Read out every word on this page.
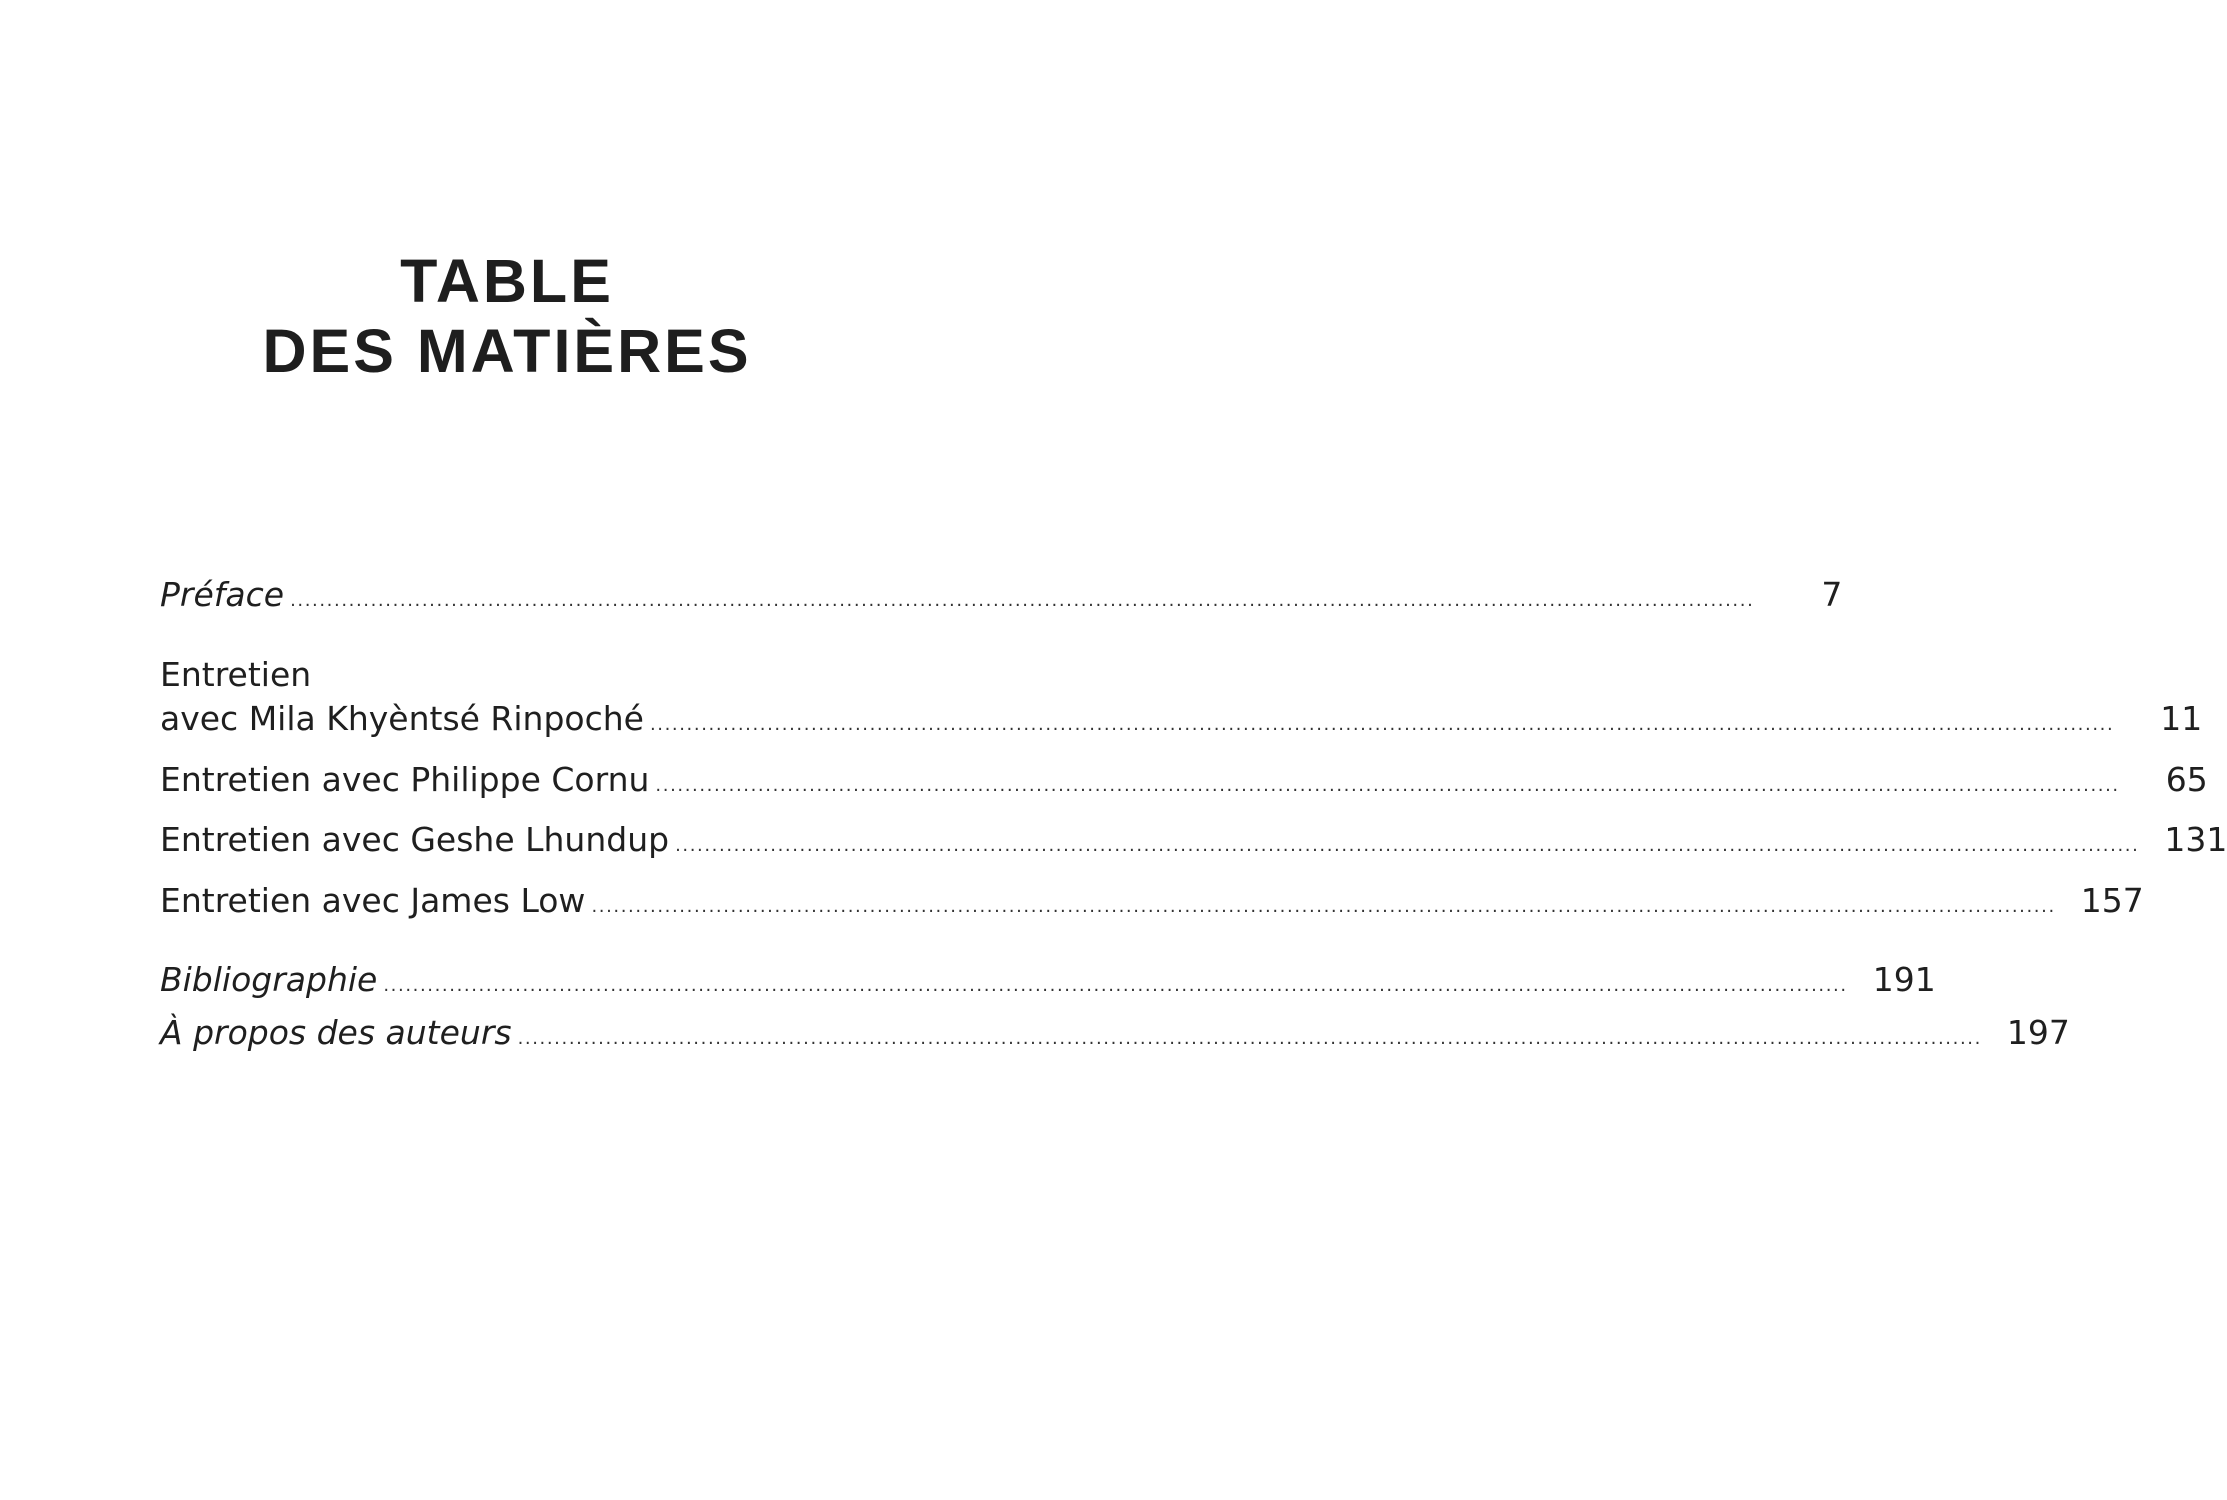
TABLE
DES MATIÈRES
Préface ........................................................................................................................................................................................................	7
Entretien
avec Mila Khyèntsé Rinpoché ........................................................................................................................................................................................................	11
Entretien avec Philippe Cornu ........................................................................................................................................................................................................	65
Entretien avec Geshe Lhundup ........................................................................................................................................................................................................ 131
Entretien avec James Low ........................................................................................................................................................................................................ 157
Bibliographie ........................................................................................................................................................................................................ 191
À propos des auteurs ........................................................................................................................................................................................................ 197
